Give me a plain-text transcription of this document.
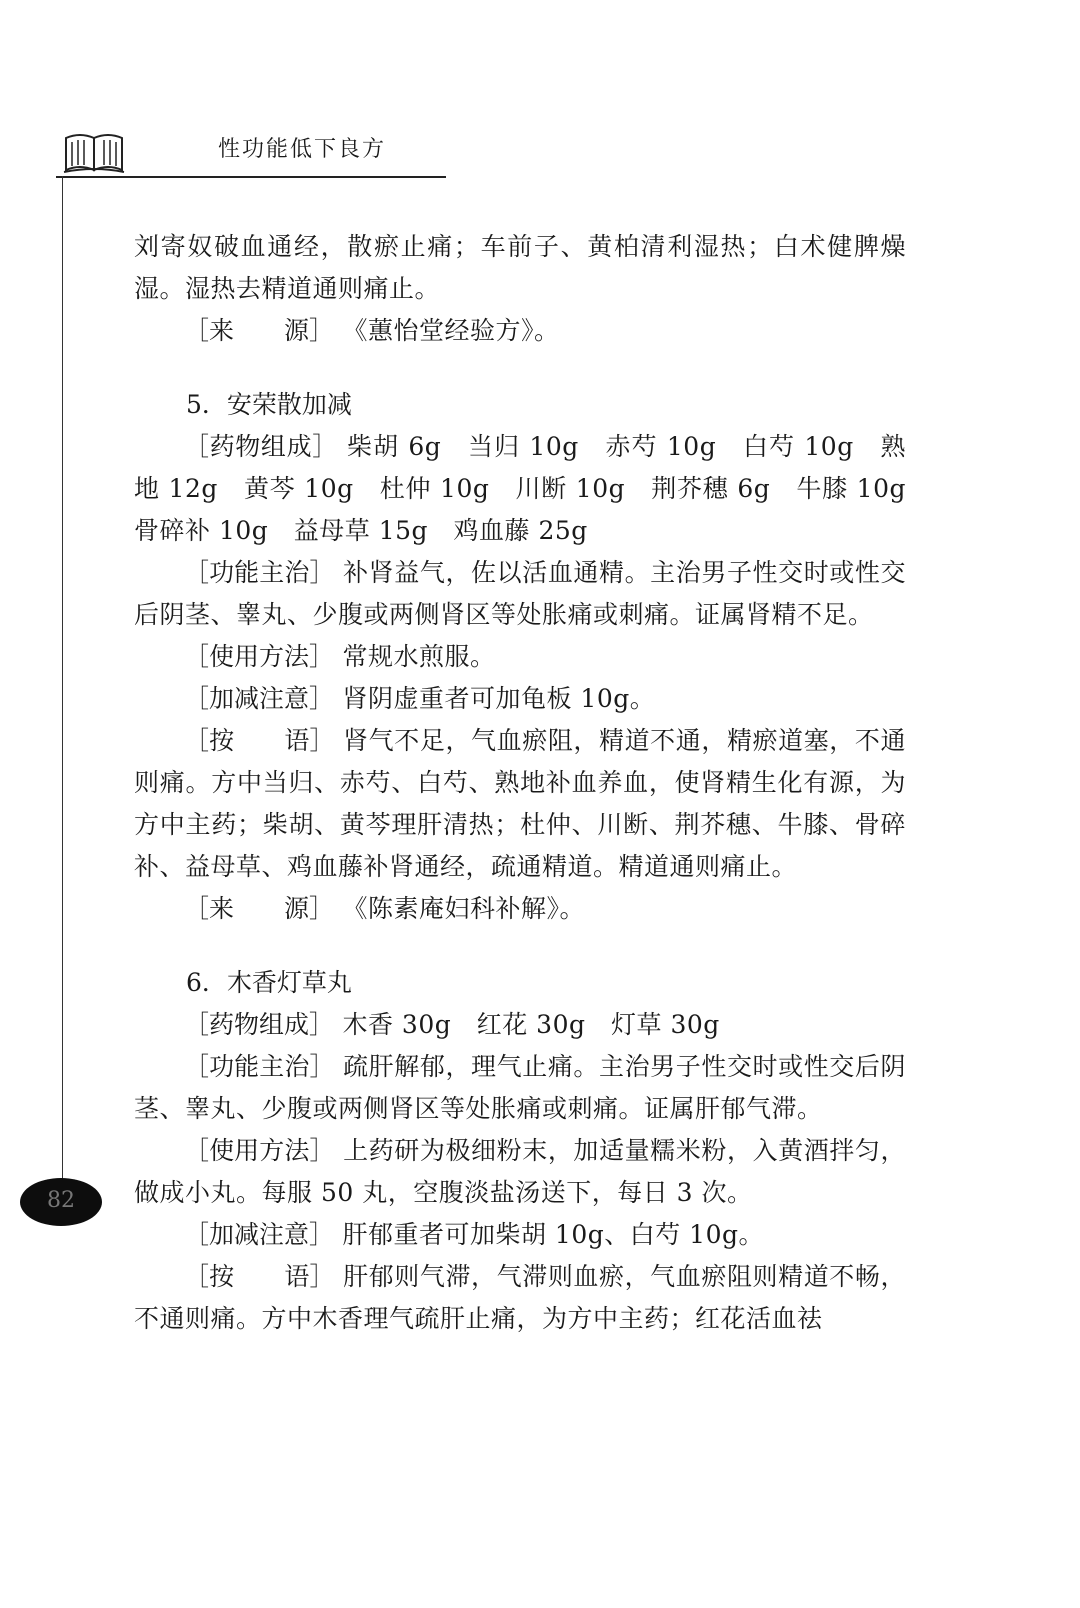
性功能低下良方
82

刘寄奴破血通经，散瘀止痛；车前子、黄柏清利湿热；白术健脾燥湿。湿热去精道通则痛止。

［来　　源］ 《蕙怡堂经验方》。

5．安荣散加减

［药物组成］ 柴胡 6g　当归 10g　赤芍 10g　白芍 10g　熟地 12g　黄芩 10g　杜仲 10g　川断 10g　荆芥穗 6g　牛膝 10g　骨碎补 10g　益母草 15g　鸡血藤 25g

［功能主治］ 补肾益气，佐以活血通精。主治男子性交时或性交后阴茎、睾丸、少腹或两侧肾区等处胀痛或刺痛。证属肾精不足。

［使用方法］ 常规水煎服。

［加减注意］ 肾阴虚重者可加龟板 10g。

［按　　语］ 肾气不足，气血瘀阻，精道不通，精瘀道塞，不通则痛。方中当归、赤芍、白芍、熟地补血养血，使肾精生化有源，为方中主药；柴胡、黄芩理肝清热；杜仲、川断、荆芥穗、牛膝、骨碎补、益母草、鸡血藤补肾通经，疏通精道。精道通则痛止。

［来　　源］ 《陈素庵妇科补解》。

6．木香灯草丸

［药物组成］ 木香 30g　红花 30g　灯草 30g

［功能主治］ 疏肝解郁，理气止痛。主治男子性交时或性交后阴茎、睾丸、少腹或两侧肾区等处胀痛或刺痛。证属肝郁气滞。

［使用方法］ 上药研为极细粉末，加适量糯米粉，入黄酒拌匀，做成小丸。每服 50 丸，空腹淡盐汤送下，每日 3 次。

［加减注意］ 肝郁重者可加柴胡 10g、白芍 10g。

［按　　语］ 肝郁则气滞，气滞则血瘀，气血瘀阻则精道不畅，不通则痛。方中木香理气疏肝止痛，为方中主药；红花活血祛
